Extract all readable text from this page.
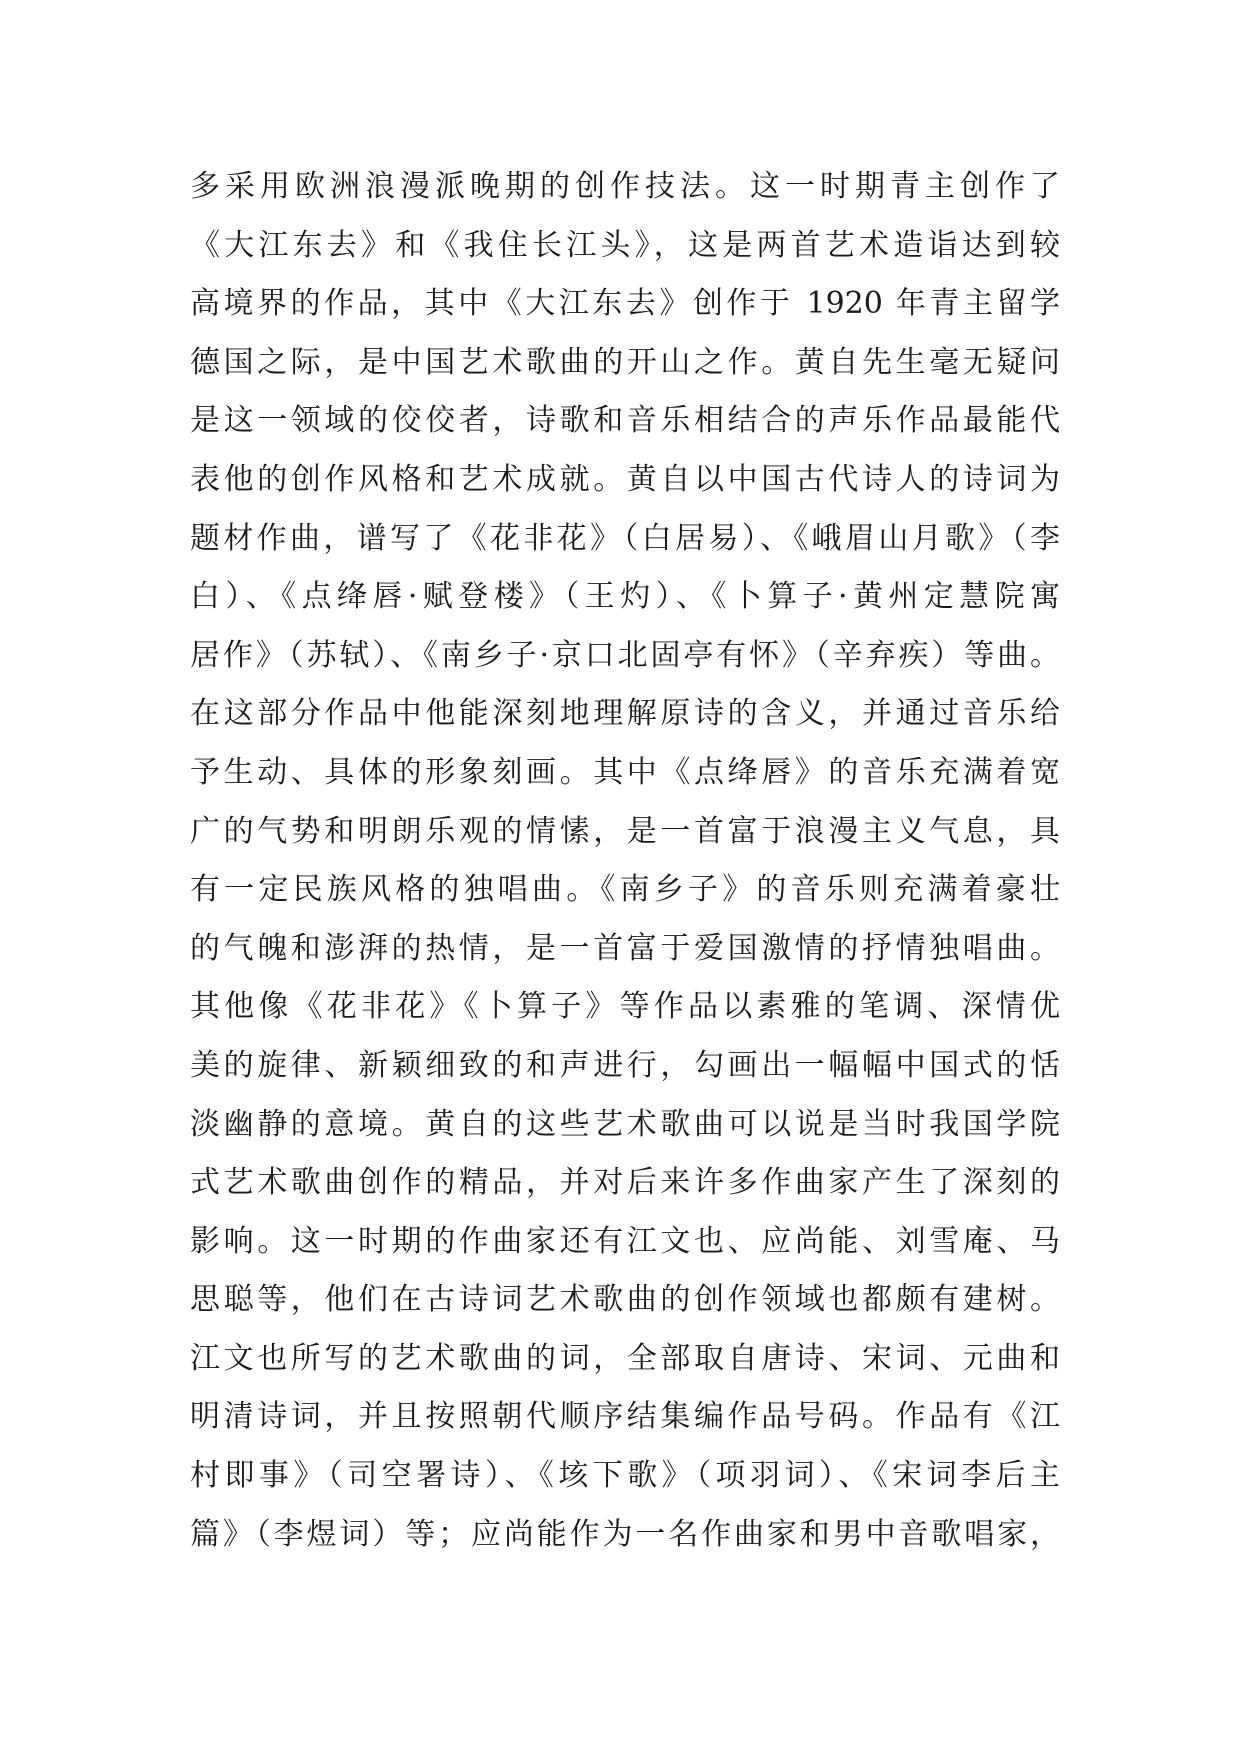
多采用欧洲浪漫派晚期的创作技法。这一时期青主创作了
《大江东去》和《我住长江头》，这是两首艺术造诣达到较
高境界的作品，其中《大江东去》创作于 1920 年青主留学
德国之际，是中国艺术歌曲的开山之作。黄自先生毫无疑问
是这一领域的佼佼者，诗歌和音乐相结合的声乐作品最能代
表他的创作风格和艺术成就。黄自以中国古代诗人的诗词为
题材作曲，谱写了《花非花》（白居易）、《峨眉山月歌》（李
白）、《点绛唇·赋登楼》（王灼）、《卜算子·黄州定慧院寓
居作》（苏轼）、《南乡子·京口北固亭有怀》（辛弃疾）等曲。
在这部分作品中他能深刻地理解原诗的含义，并通过音乐给
予生动、具体的形象刻画。其中《点绛唇》的音乐充满着宽
广的气势和明朗乐观的情愫，是一首富于浪漫主义气息，具
有一定民族风格的独唱曲。《南乡子》的音乐则充满着豪壮
的气魄和澎湃的热情，是一首富于爱国激情的抒情独唱曲。
其他像《花非花》《卜算子》等作品以素雅的笔调、深情优
美的旋律、新颖细致的和声进行，勾画出一幅幅中国式的恬
淡幽静的意境。黄自的这些艺术歌曲可以说是当时我国学院
式艺术歌曲创作的精品，并对后来许多作曲家产生了深刻的
影响。这一时期的作曲家还有江文也、应尚能、刘雪庵、马
思聪等，他们在古诗词艺术歌曲的创作领域也都颇有建树。
江文也所写的艺术歌曲的词，全部取自唐诗、宋词、元曲和
明清诗词，并且按照朝代顺序结集编作品号码。作品有《江
村即事》（司空署诗）、《垓下歌》（项羽词）、《宋词李后主
篇》（李煜词）等；应尚能作为一名作曲家和男中音歌唱家，
